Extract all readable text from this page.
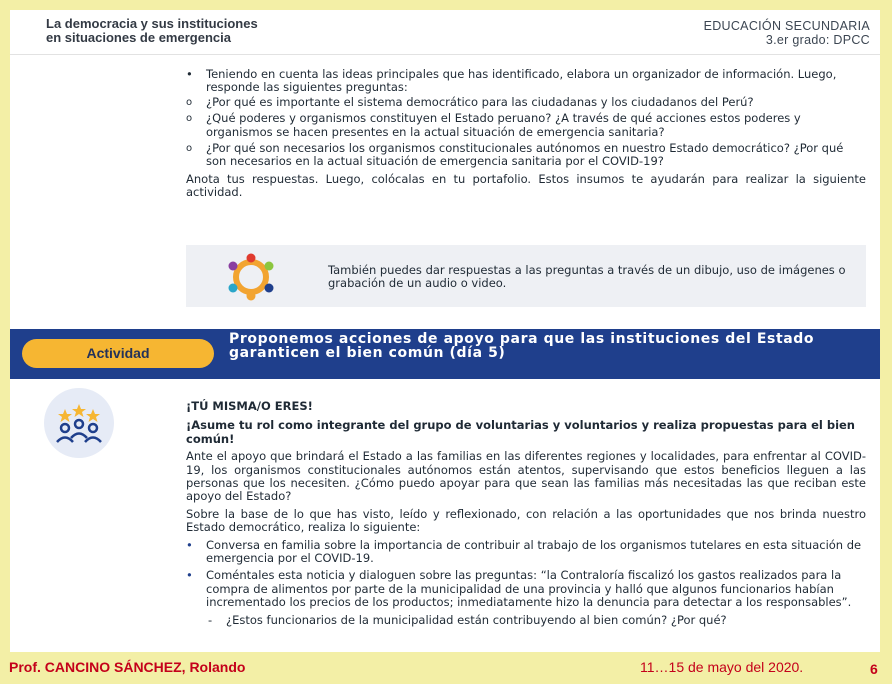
La democracia y sus instituciones
en situaciones de emergencia
EDUCACIÓN SECUNDARIA
3.er grado: DPCC
• Teniendo en cuenta las ideas principales que has identificado, elabora un organizador de información. Luego, responde las siguientes preguntas:
o ¿Por qué es importante el sistema democrático para las ciudadanas y los ciudadanos del Perú?
o ¿Qué poderes y organismos constituyen el Estado peruano? ¿A través de qué acciones estos poderes y organismos se hacen presentes en la actual situación de emergencia sanitaria?
o ¿Por qué son necesarios los organismos constitucionales autónomos en nuestro Estado democrático? ¿Por qué son necesarios en la actual situación de emergencia sanitaria por el COVID-19?

Anota tus respuestas. Luego, colócalas en tu portafolio. Estos insumos te ayudarán para realizar la siguiente actividad.

También puedes dar respuestas a las preguntas a través de un dibujo, uso de imágenes o grabación de un audio o video.
Actividad
Proponemos acciones de apoyo para que las instituciones del Estado garanticen el bien común (día 5)

¡TÚ MISMA/O ERES!

¡Asume tu rol como integrante del grupo de voluntarias y voluntarios y realiza propuestas para el bien común!

Ante el apoyo que brindará el Estado a las familias en las diferentes regiones y localidades, para enfrentar al COVID-19, los organismos constitucionales autónomos están atentos, supervisando que estos beneficios lleguen a las personas que los necesiten. ¿Cómo puedo apoyar para que sean las familias más necesitadas las que reciban este apoyo del Estado?

Sobre la base de lo que has visto, leído y reflexionado, con relación a las oportunidades que nos brinda nuestro Estado democrático, realiza lo siguiente:

• Conversa en familia sobre la importancia de contribuir al trabajo de los organismos tutelares en esta situación de emergencia por el COVID-19.
• Coméntales esta noticia y dialoguen sobre las preguntas: “la Contraloría fiscalizó los gastos realizados para la compra de alimentos por parte de la municipalidad de una provincia y halló que algunos funcionarios habían incrementado los precios de los productos; inmediatamente hizo la denuncia para detectar a los responsables”.
- ¿Estos funcionarios de la municipalidad están contribuyendo al bien común? ¿Por qué?
Prof. CANCINO SÁNCHEZ, Rolando	11…15 de mayo del 2020.	6
